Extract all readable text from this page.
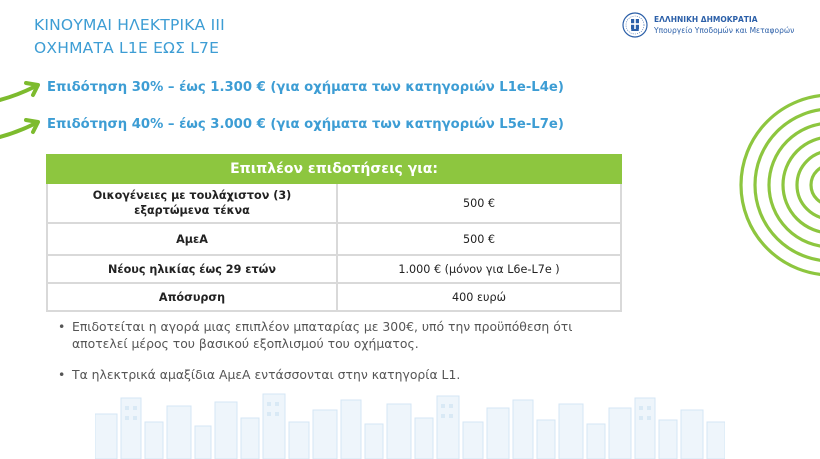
ΚΙΝΟΥΜΑΙ ΗΛΕΚΤΡΙΚΑ ΙΙΙ
ΟΧΗΜΑΤΑ L1E ΕΩΣ L7E
ΕΛΛΗΝΙΚΗ ΔΗΜΟΚΡΑΤΙΑ
Υπουργείο Υποδομών και Μεταφορών
Επιδότηση 30% – έως 1.300 € (για οχήματα των κατηγοριών L1e-L4e)
Επιδότηση 40% – έως 3.000 € (για οχήματα των κατηγοριών L5e-L7e)
Επιπλέον επιδοτήσεις για:	

Οικογένειες με τουλάχιστον (3)
εξαρτώμενα τέκνα	500 €
ΑμεΑ	500 €
Νέους ηλικίας έως 29 ετών	1.000 € (μόνον για L6e-L7e )
Απόσυρση	400 ευρώ
• Επιδοτείται η αγορά μιας επιπλέον μπαταρίας με 300€, υπό την προϋπόθεση ότι
αποτελεί μέρος του βασικού εξοπλισμού του οχήματος.
• Τα ηλεκτρικά αμαξίδια ΑμεΑ εντάσσονται στην κατηγορία L1.
